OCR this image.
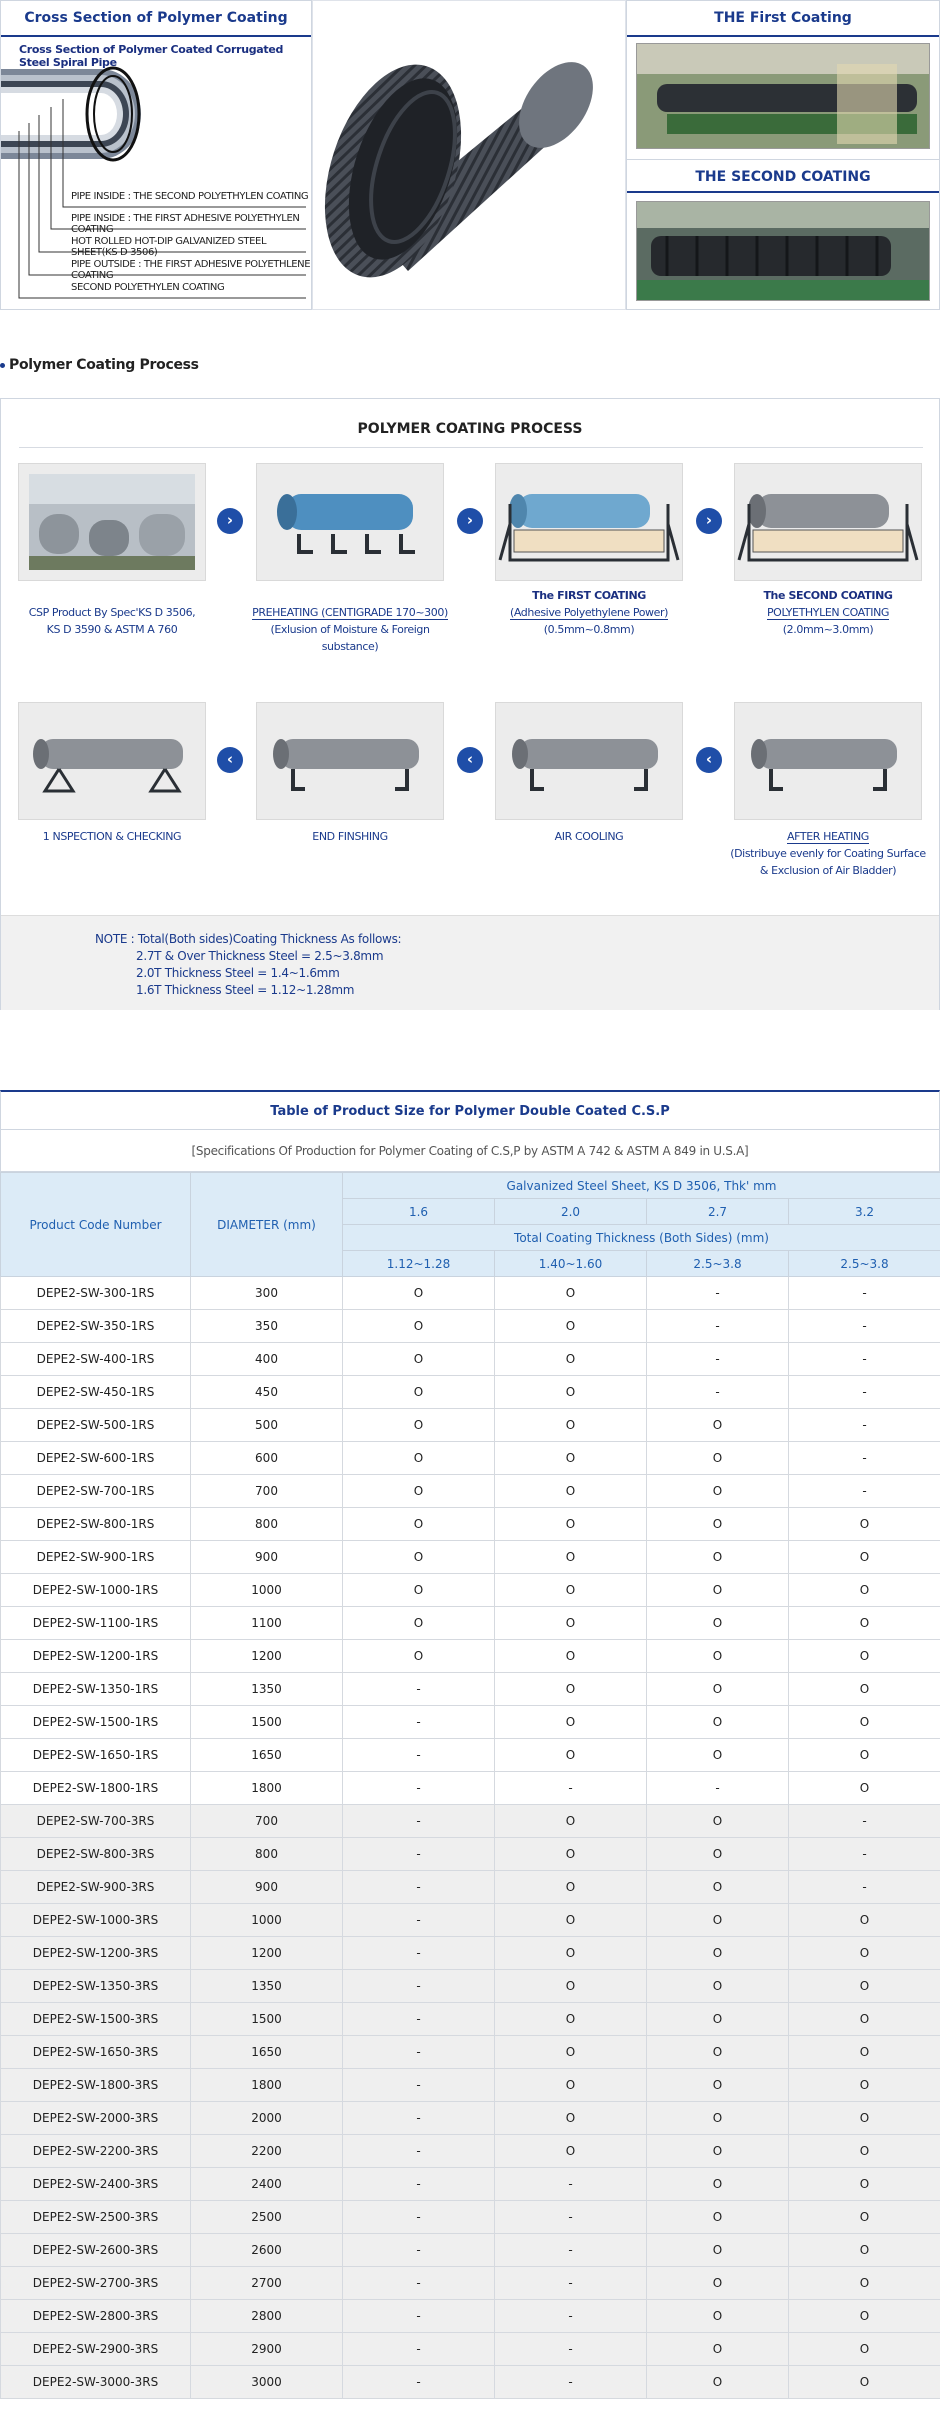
Cross Section of Polymer Coating
Cross Section of Polymer Coated Corrugated Steel Spiral Pipe
PIPE INSIDE : THE SECOND POLYETHYLEN COATING
PIPE INSIDE : THE FIRST ADHESIVE POLYETHYLEN COATING
HOT ROLLED HOT-DIP GALVANIZED STEEL SHEET(KS D 3506)
PIPE OUTSIDE : THE FIRST ADHESIVE POLYETHLENE COATING
SECOND POLYETHYLEN COATING
THE First Coating
THE SECOND COATING
Polymer Coating Process
POLYMER COATING PROCESS
›	›	›
CSP Product By Spec'KS D 3506,
KS D 3590 & ASTM A 760
PREHEATING (CENTIGRADE 170~300)
(Exlusion of Moisture & Foreign substance)
The FIRST COATING
(Adhesive Polyethylene Power)
(0.5mm~0.8mm)
The SECOND COATING
POLYETHYLEN COATING
(2.0mm~3.0mm)
‹	‹	‹
1 NSPECTION & CHECKING	END FINSHING	AIR COOLING	AFTER HEATING
(Distribuye evenly for Coating Surface
& Exclusion of Air Bladder)

NOTE : Total(Both sides)Coating Thickness As follows:

2.7T & Over Thickness Steel = 2.5~3.8mm

2.0T Thickness Steel = 1.4~1.6mm

1.6T Thickness Steel = 1.12~1.28mm

Table of Product Size for Polymer Double Coated C.S.P
[Specifications Of Production for Polymer Coating of C.S,P by ASTM A 742 & ASTM A 849 in U.S.A]
Product Code Number	DIAMETER (mm)	Galvanized Steel Sheet, KS D 3506, Thk' mm			
		1.6	2.0	2.7	3.2
		Total Coating Thickness (Both Sides) (mm)			
		1.12~1.28	1.40~1.60	2.5~3.8	2.5~3.8
DEPE2-SW-300-1RS	300	O	O	-	-
DEPE2-SW-350-1RS	350	O	O	-	-
DEPE2-SW-400-1RS	400	O	O	-	-
DEPE2-SW-450-1RS	450	O	O	-	-
DEPE2-SW-500-1RS	500	O	O	O	-
DEPE2-SW-600-1RS	600	O	O	O	-
DEPE2-SW-700-1RS	700	O	O	O	-
DEPE2-SW-800-1RS	800	O	O	O	O
DEPE2-SW-900-1RS	900	O	O	O	O
DEPE2-SW-1000-1RS	1000	O	O	O	O
DEPE2-SW-1100-1RS	1100	O	O	O	O
DEPE2-SW-1200-1RS	1200	O	O	O	O
DEPE2-SW-1350-1RS	1350	-	O	O	O
DEPE2-SW-1500-1RS	1500	-	O	O	O
DEPE2-SW-1650-1RS	1650	-	O	O	O
DEPE2-SW-1800-1RS	1800	-	-	-	O
DEPE2-SW-700-3RS	700	-	O	O	-
DEPE2-SW-800-3RS	800	-	O	O	-
DEPE2-SW-900-3RS	900	-	O	O	-
DEPE2-SW-1000-3RS	1000	-	O	O	O
DEPE2-SW-1200-3RS	1200	-	O	O	O
DEPE2-SW-1350-3RS	1350	-	O	O	O
DEPE2-SW-1500-3RS	1500	-	O	O	O
DEPE2-SW-1650-3RS	1650	-	O	O	O
DEPE2-SW-1800-3RS	1800	-	O	O	O
DEPE2-SW-2000-3RS	2000	-	O	O	O
DEPE2-SW-2200-3RS	2200	-	O	O	O
DEPE2-SW-2400-3RS	2400	-	-	O	O
DEPE2-SW-2500-3RS	2500	-	-	O	O
DEPE2-SW-2600-3RS	2600	-	-	O	O
DEPE2-SW-2700-3RS	2700	-	-	O	O
DEPE2-SW-2800-3RS	2800	-	-	O	O
DEPE2-SW-2900-3RS	2900	-	-	O	O
DEPE2-SW-3000-3RS	3000	-	-	O	O
